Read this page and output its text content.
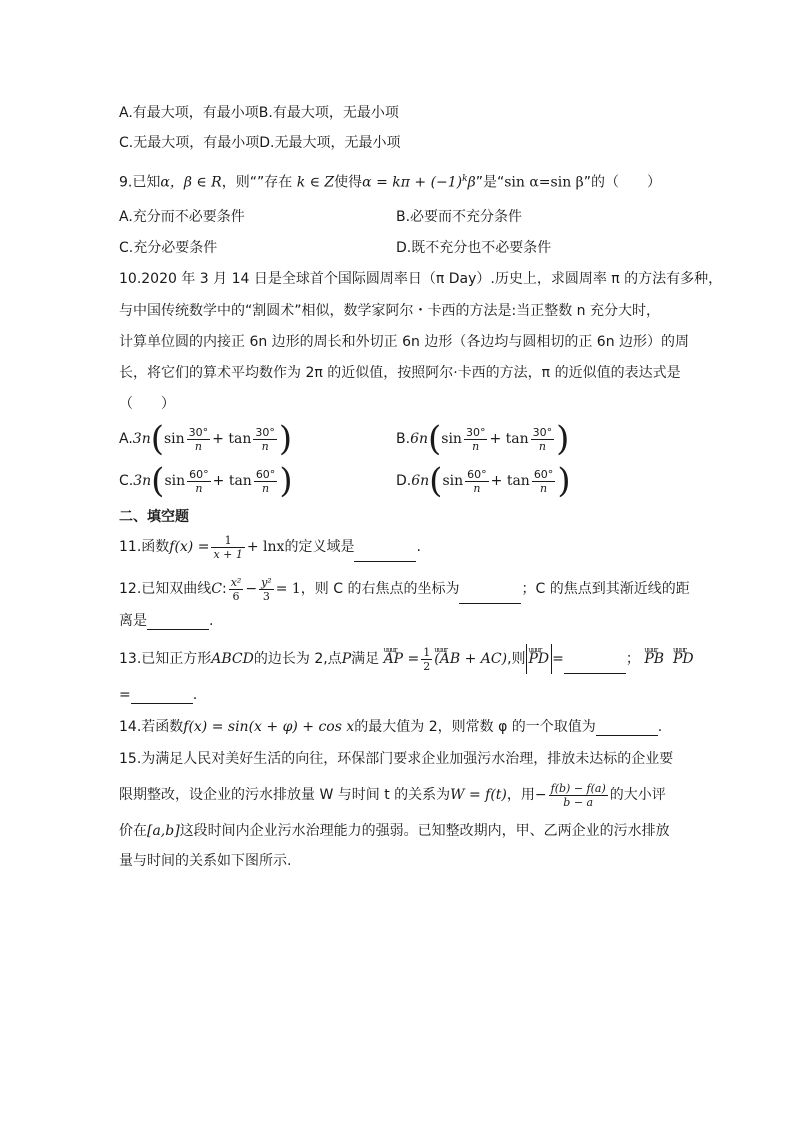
A.有最大项，有最小项B.有最大项，无最小项
C.无最大项，有最小项D.无最大项，无最小项
9.已知α，β ∈ R，则“”存在 k ∈ Z使得$\alpha = k\pi + (-1)^k\beta$”是“sin α=sin β”的（　　）
A.充分而不必要条件	B.必要而不充分条件
C.充分必要条件	D.既不充分也不必要条件
10.2020 年 3 月 14 日是全球首个国际圆周率日（π Day）.历史上，求圆周率 π 的方法有多种，
与中国传统数学中的“割圆术”相似，数学家阿尔・卡西的方法是:当正整数 n 充分大时，
计算单位圆的内接正 6n 边形的周长和外切正 6n 边形（各边均与圆相切的正 6n 边形）的周
长，将它们的算术平均数作为 2π 的近似值，按照阿尔·卡西的方法，π 的近似值的表达式是
（　　）
$A.3n(\sin \frac{30^\circ}{n} + \tan \frac{30^\circ}{n}$ )	$B.6n(\sin \frac{30^\circ}{n} + \tan \frac{30^\circ}{n}$ )
$C.3n(\sin \frac{60^\circ}{n} + \tan \frac{60^\circ}{n}$ )	$D.6n(\sin \frac{60^\circ}{n} + \tan \frac{60^\circ}{n}$ )
二、填空题
11.函数$f(x) = \frac{1}{x + 1} + \ln x$的定义域是	.
12.已知双曲线C: $\frac{\text{x²}}{6} - \frac{\text{y²}}{3} = 1$，则 C 的右焦点的坐标为	；C 的焦点到其渐近线的距
离是	.
13.已知正方形ABCD的边长为 2,点P满足 uuur AP = $\frac{1}{2}$ uuur (AB + AC),则 uuur PD =	； uuur PB uuur PD
=	.
14.若函数f(x) = sin(x + φ) + cos x的最大值为 2，则常数 φ 的一个取值为	.
15.为满足人民对美好生活的向往，环保部门要求企业加强污水治理，排放未达标的企业要
限期整改，设企业的污水排放量 W 与时间 t 的关系为W = f(t)，用− $\frac{f(b) - f(a)}{b - a}$ 的大小评
价在[a,b]这段时间内企业污水治理能力的强弱。已知整改期内，甲、乙两企业的污水排放
量与时间的关系如下图所示.
